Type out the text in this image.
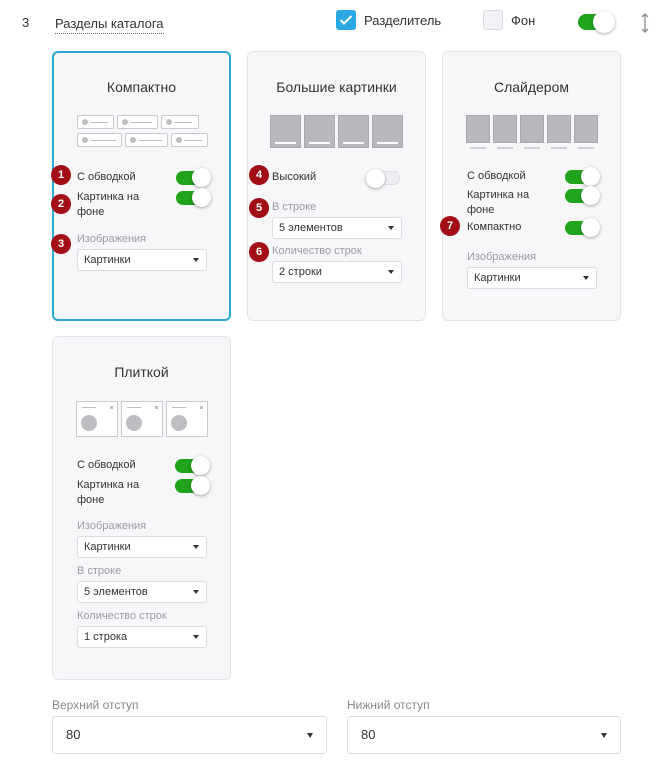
3 Разделы каталога	Разделитель	Фон
Компактно
С обводкой
Картинка на фоне
Изображения
Картинки
1
2
3
Большие картинки
Высокий
В строке
5 элементов
Количество строк
2 строки
4
5
6
Слайдером
С обводкой
Картинка на фоне
Компактно
Изображения
Картинки
7
Плиткой
С обводкой
Картинка на фоне
Изображения
Картинки
В строке
5 элементов
Количество строк
1 строка
Верхний отступ
80
Нижний отступ
80
